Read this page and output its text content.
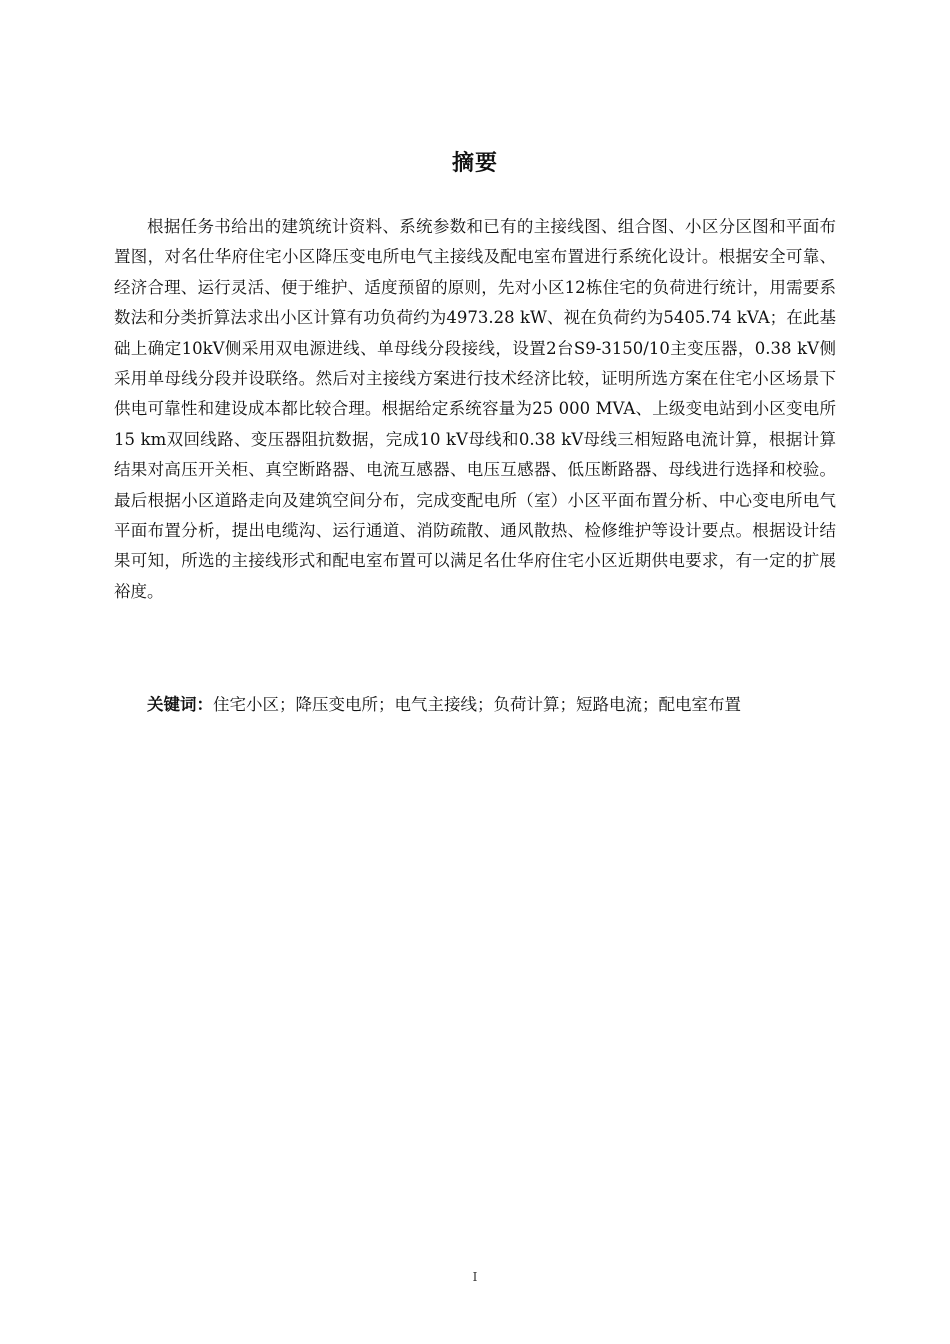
摘要

根据任务书给出的建筑统计资料、系统参数和已有的主接线图、组合图、小区分区图和平面布置图，对名仕华府住宅小区降压变电所电气主接线及配电室布置进行系统化设计。根据安全可靠、经济合理、运行灵活、便于维护、适度预留的原则，先对小区12栋住宅的负荷进行统计，用需要系数法和分类折算法求出小区计算有功负荷约为4973.28 kW、视在负荷约为5405.74 kVA；在此基础上确定10kV侧采用双电源进线、单母线分段接线，设置2台S9-3150/10主变压器，0.38 kV侧采用单母线分段并设联络。然后对主接线方案进行技术经济比较，证明所选方案在住宅小区场景下供电可靠性和建设成本都比较合理。根据给定系统容量为25 000 MVA、上级变电站到小区变电所15 km双回线路、变压器阻抗数据，完成10 kV母线和0.38 kV母线三相短路电流计算，根据计算结果对高压开关柜、真空断路器、电流互感器、电压互感器、低压断路器、母线进行选择和校验。最后根据小区道路走向及建筑空间分布，完成变配电所（室）小区平面布置分析、中心变电所电气平面布置分析，提出电缆沟、运行通道、消防疏散、通风散热、检修维护等设计要点。根据设计结果可知，所选的主接线形式和配电室布置可以满足名仕华府住宅小区近期供电要求，有一定的扩展裕度。

关键词：住宅小区；降压变电所；电气主接线；负荷计算；短路电流；配电室布置

I
